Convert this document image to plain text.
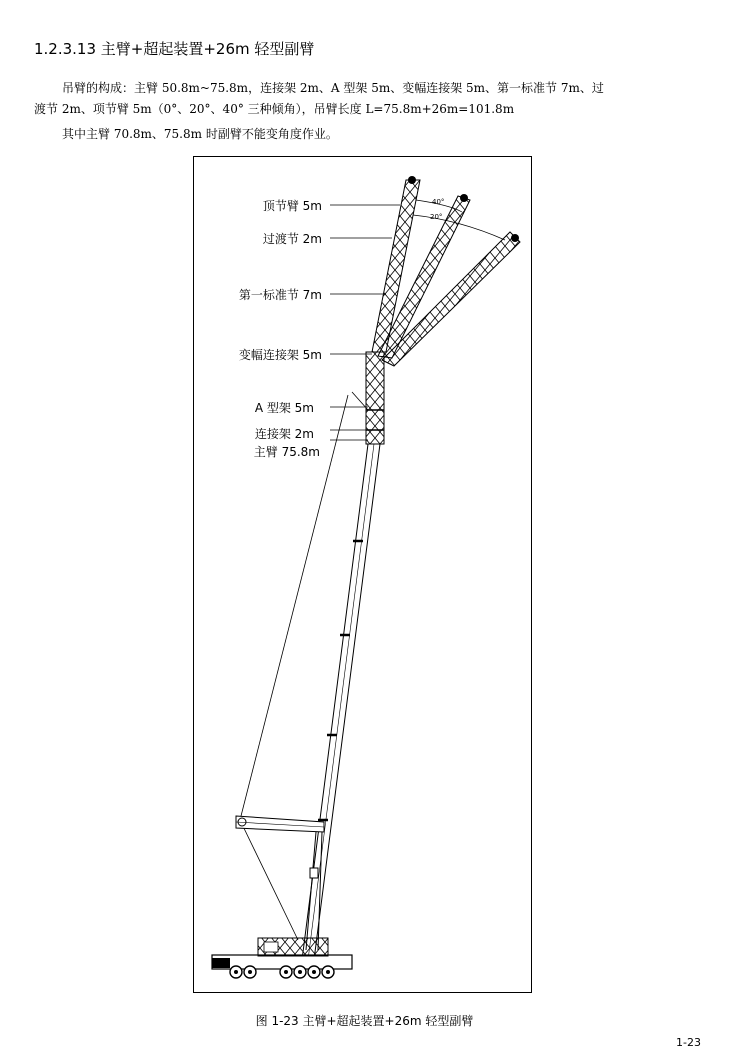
1.2.3.13 主臂+超起装置+26m 轻型副臂
吊臂的构成：主臂 50.8m~75.8m，连接架 2m、A 型架 5m、变幅连接架 5m、第一标准节 7m、过
渡节 2m、项节臂 5m（0°、20°、40° 三种倾角），吊臂长度 L=75.8m+26m=101.8m
其中主臂 70.8m、75.8m 时副臂不能变角度作业。
40°
20°
顶节臂 5m
过渡节 2m
第一标准节 7m
变幅连接架 5m
A 型架 5m
连接架 2m
主臂 75.8m
图 1-23 主臂+超起装置+26m 轻型副臂
1-23
